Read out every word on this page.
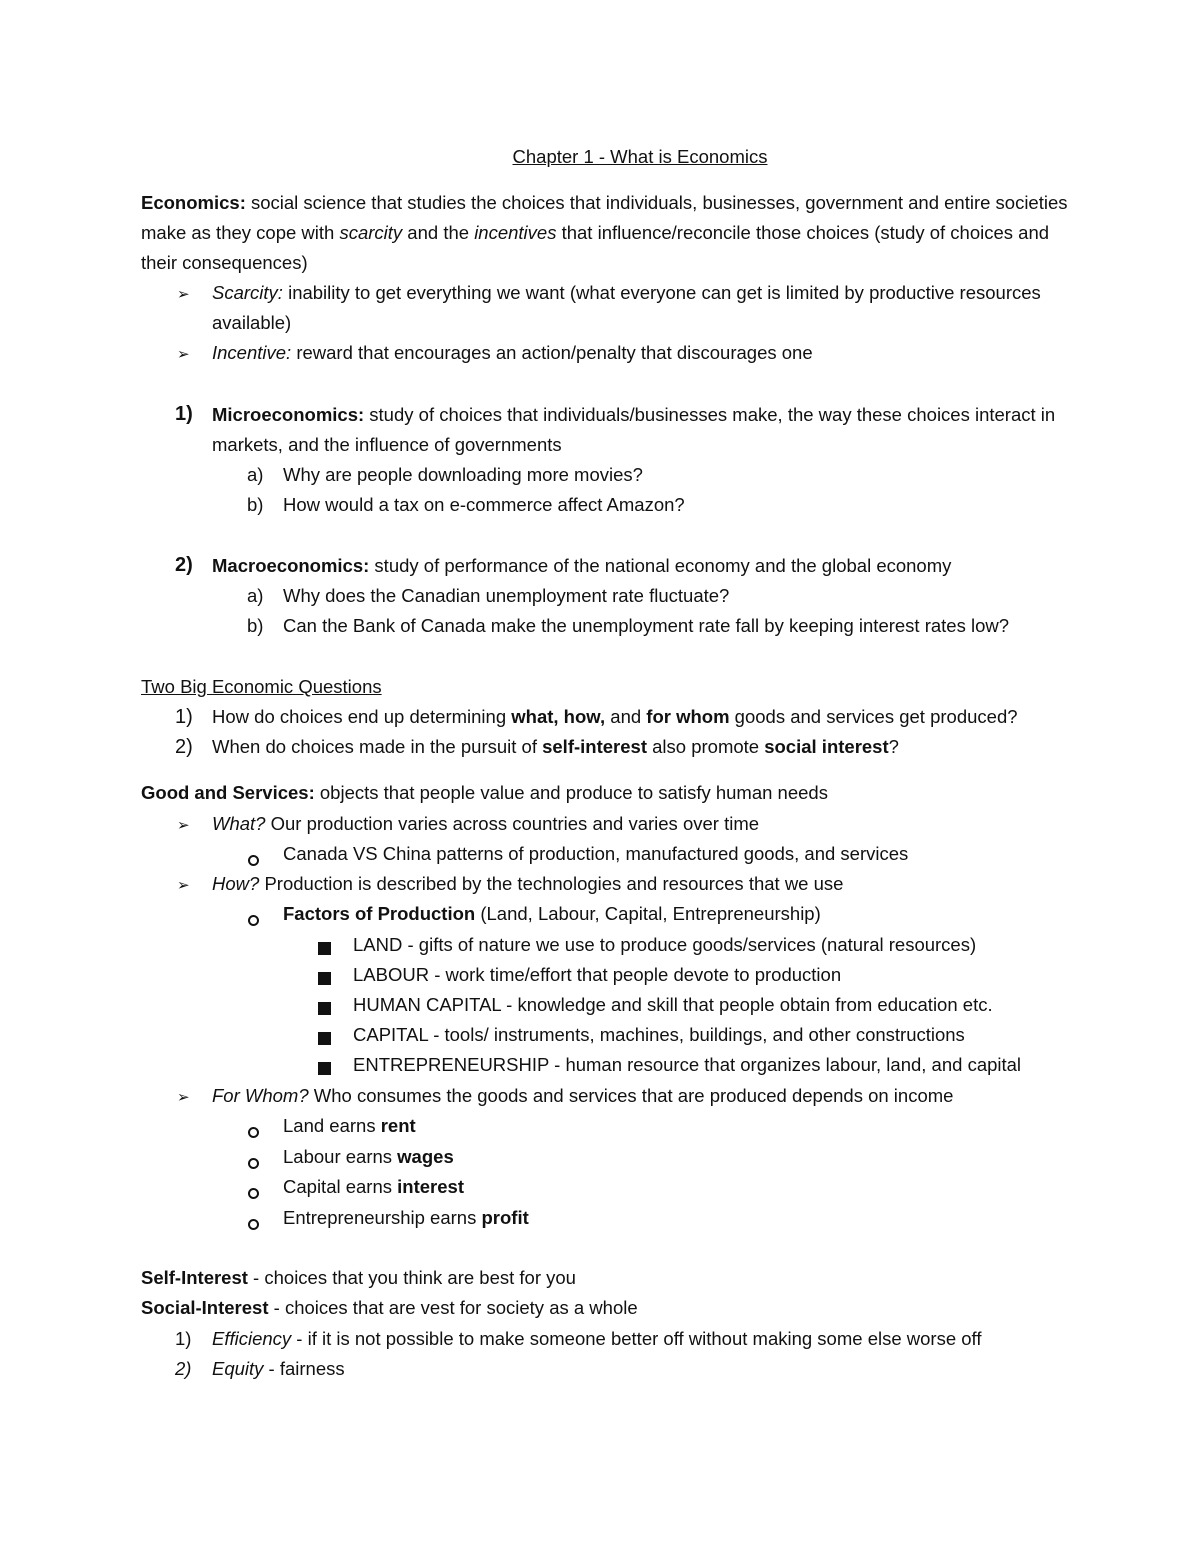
Chapter 1 - What is Economics
Economics: social science that studies the choices that individuals, businesses, government and entire societies
make as they cope with scarcity and the incentives that influence/reconcile those choices (study of choices and
their consequences)
➢ Scarcity: inability to get everything we want (what everyone can get is limited by productive resources
available)
➢ Incentive: reward that encourages an action/penalty that discourages one
1) Microeconomics: study of choices that individuals/businesses make, the way these choices interact in
markets, and the influence of governments
a) Why are people downloading more movies?
b) How would a tax on e-commerce affect Amazon?
2) Macroeconomics: study of performance of the national economy and the global economy
a) Why does the Canadian unemployment rate fluctuate?
b) Can the Bank of Canada make the unemployment rate fall by keeping interest rates low?
Two Big Economic Questions
1) How do choices end up determining what, how, and for whom goods and services get produced?
2) When do choices made in the pursuit of self-interest also promote social interest?
Good and Services: objects that people value and produce to satisfy human needs
➢ What? Our production varies across countries and varies over time
Canada VS China patterns of production, manufactured goods, and services
➢ How? Production is described by the technologies and resources that we use
Factors of Production (Land, Labour, Capital, Entrepreneurship)
LAND - gifts of nature we use to produce goods/services (natural resources)
LABOUR - work time/effort that people devote to production
HUMAN CAPITAL - knowledge and skill that people obtain from education etc.
CAPITAL - tools/ instruments, machines, buildings, and other constructions
ENTREPRENEURSHIP - human resource that organizes labour, land, and capital
➢ For Whom? Who consumes the goods and services that are produced depends on income
Land earns rent
Labour earns wages
Capital earns interest
Entrepreneurship earns profit
Self-Interest - choices that you think are best for you
Social-Interest - choices that are vest for society as a whole
1) Efficiency - if it is not possible to make someone better off without making some else worse off
2) Equity - fairness
